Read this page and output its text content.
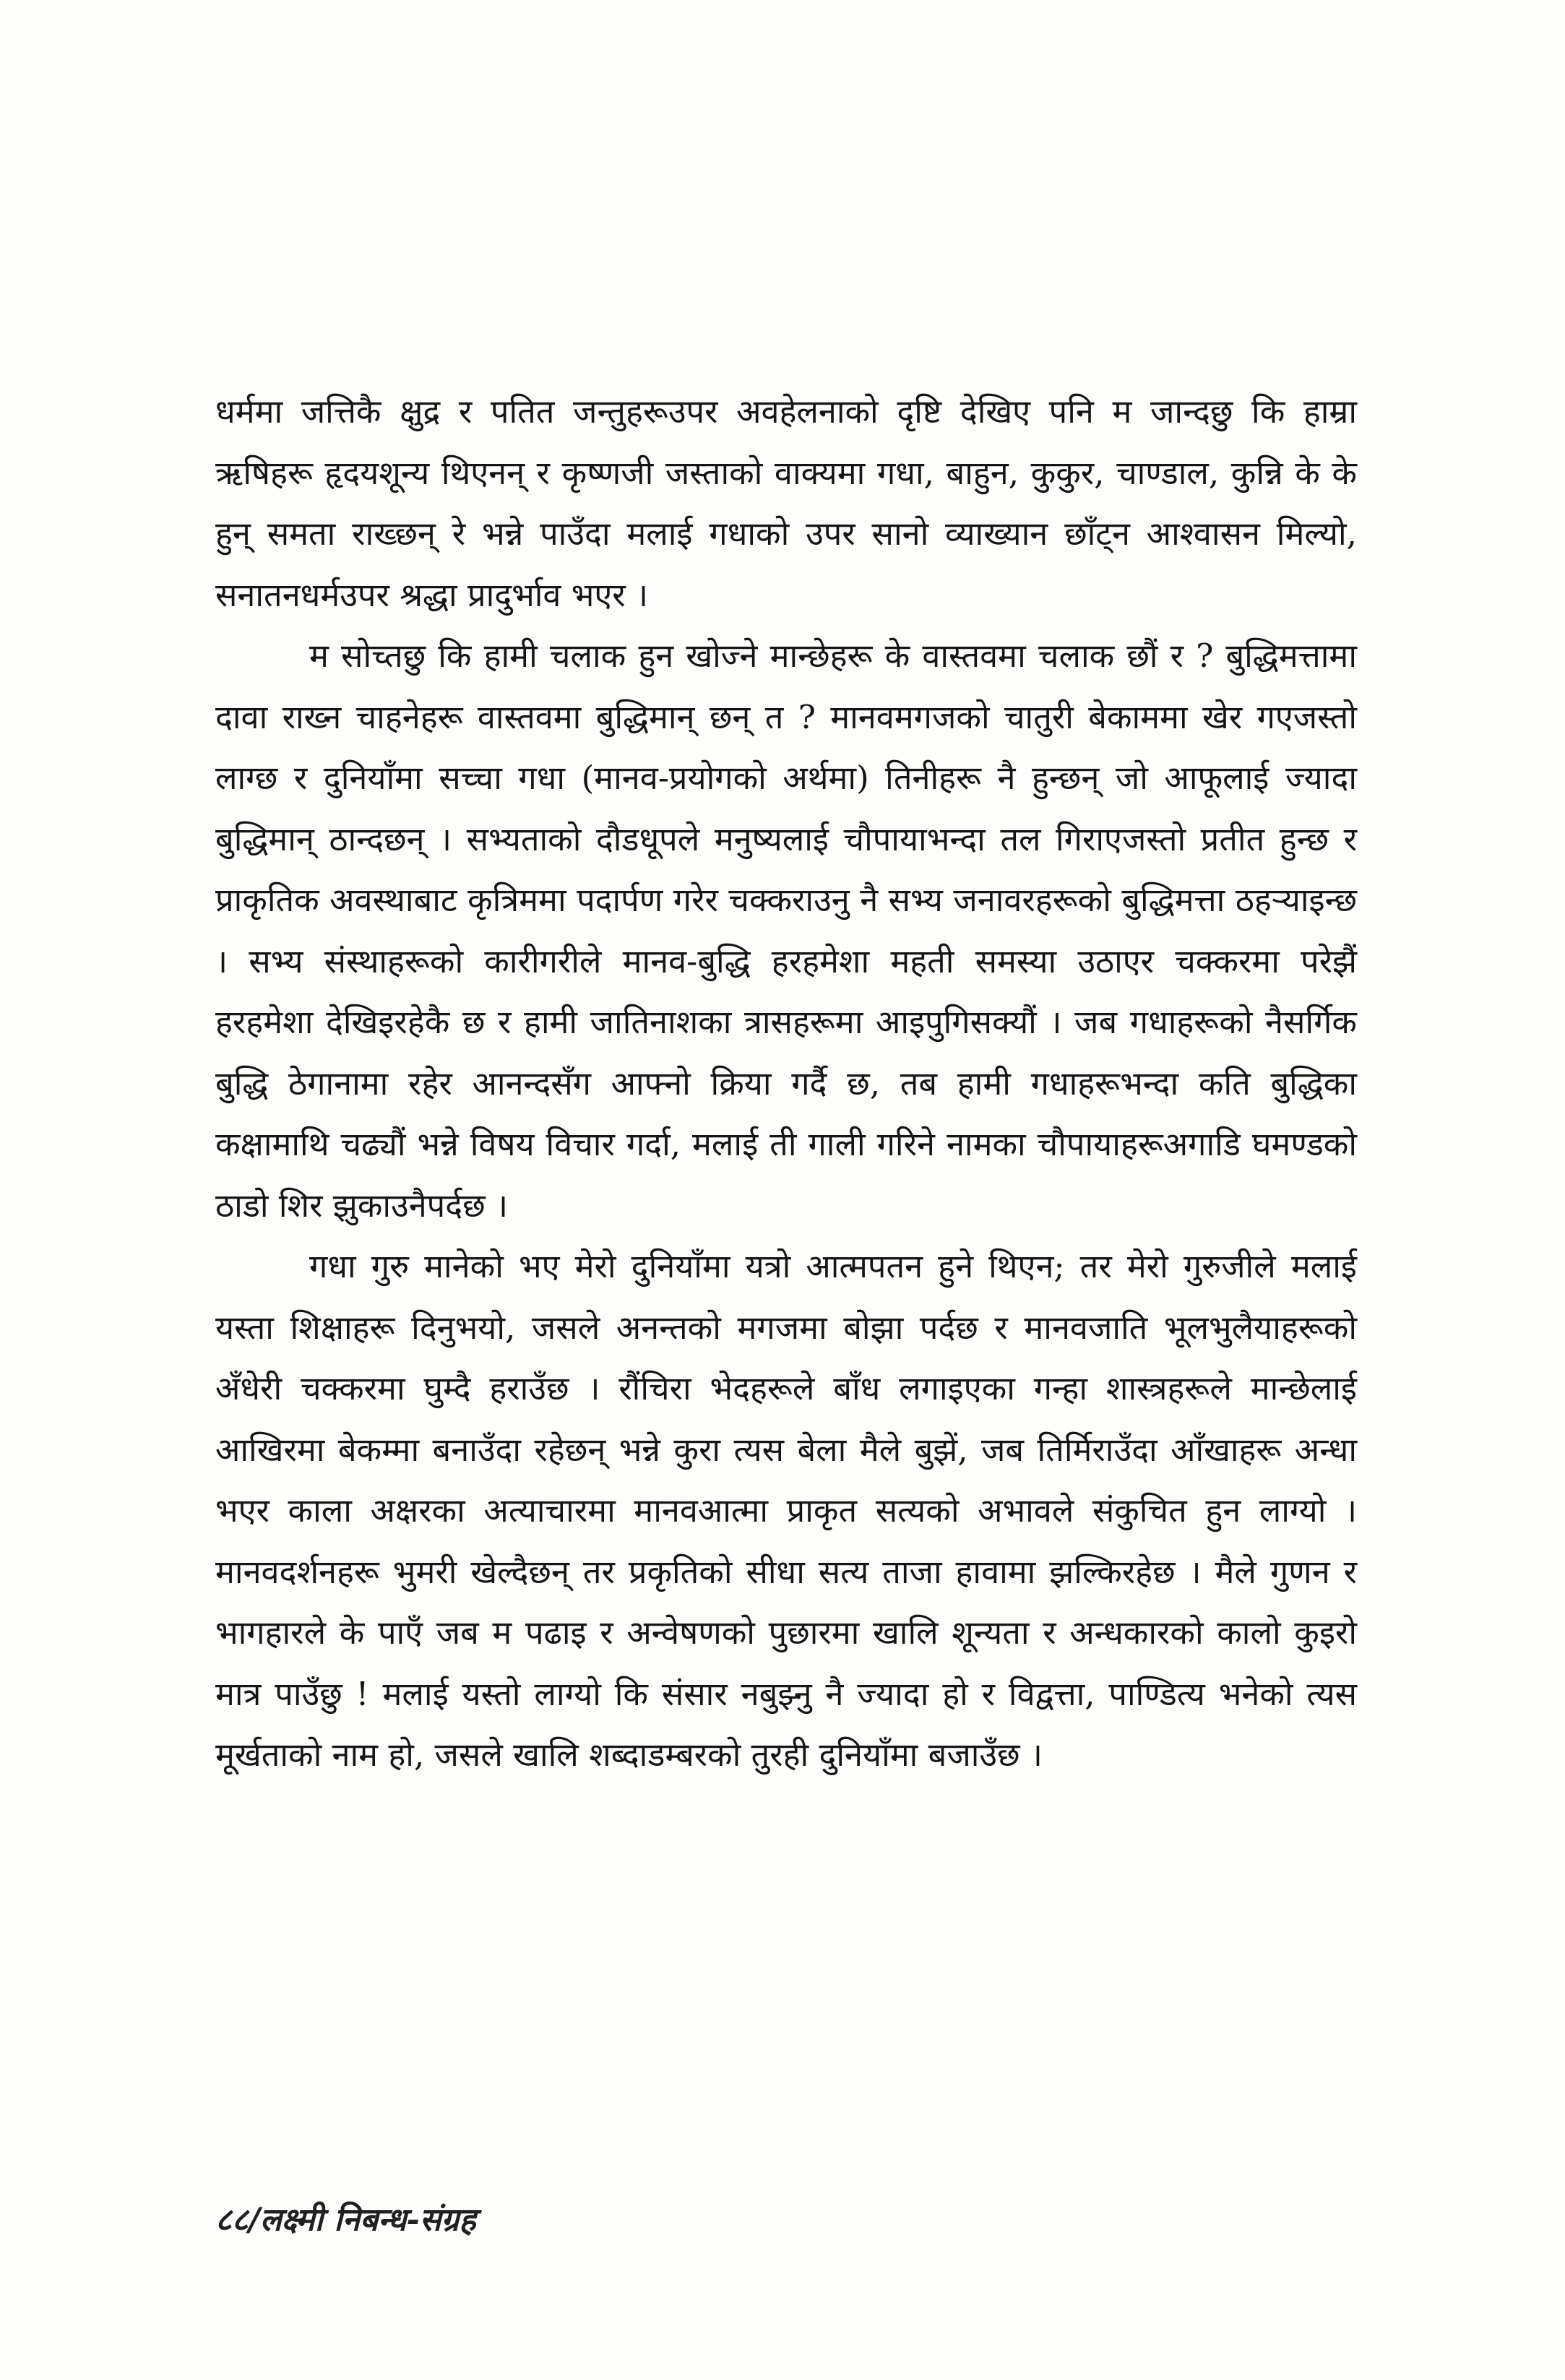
धर्ममा जत्तिकै क्षुद्र र पतित जन्तुहरूउपर अवहेलनाको दृष्टि देखिए पनि म जान्दछु कि हाम्रा ऋषिहरू हृदयशून्य थिएनन् र कृष्णजी जस्ताको वाक्यमा गधा, बाहुन, कुकुर, चाण्डाल, कुन्नि के के हुन् समता राख्छन् रे भन्ने पाउँदा मलाई गधाको उपर सानो व्याख्यान छाँट्न आश्वासन मिल्यो, सनातनधर्मउपर श्रद्धा प्रादुर्भाव भएर ।

म सोच्तछु कि हामी चलाक हुन खोज्ने मान्छेहरू के वास्तवमा चलाक छौं र ? बुद्धिमत्तामा दावा राख्न चाहनेहरू वास्तवमा बुद्धिमान् छन् त ? मानवमगजको चातुरी बेकाममा खेर गएजस्तो लाग्छ र दुनियाँमा सच्चा गधा (मानव-प्रयोगको अर्थमा) तिनीहरू नै हुन्छन् जो आफूलाई ज्यादा बुद्धिमान् ठान्दछन् । सभ्यताको दौडधूपले मनुष्यलाई चौपायाभन्दा तल गिराएजस्तो प्रतीत हुन्छ र प्राकृतिक अवस्थाबाट कृत्रिममा पदार्पण गरेर चक्कराउनु नै सभ्य जनावरहरूको बुद्धिमत्ता ठहऱ्याइन्छ । सभ्य संस्थाहरूको कारीगरीले मानव-बुद्धि हरहमेशा महती समस्या उठाएर चक्करमा परेझैं हरहमेशा देखिइरहेकै छ र हामी जातिनाशका त्रासहरूमा आइपुगिसक्यौं । जब गधाहरूको नैसर्गिक बुद्धि ठेगानामा रहेर आनन्दसँग आफ्नो क्रिया गर्दै छ, तब हामी गधाहरूभन्दा कति बुद्धिका कक्षामाथि चढ्यौं भन्ने विषय विचार गर्दा, मलाई ती गाली गरिने नामका चौपायाहरूअगाडि घमण्डको ठाडो शिर झुकाउनैपर्दछ ।

गधा गुरु मानेको भए मेरो दुनियाँमा यत्रो आत्मपतन हुने थिएन; तर मेरो गुरुजीले मलाई यस्ता शिक्षाहरू दिनुभयो, जसले अनन्तको मगजमा बोझा पर्दछ र मानवजाति भूलभुलैयाहरूको अँधेरी चक्करमा घुम्दै हराउँछ । रौंचिरा भेदहरूले बाँध लगाइएका गन्हा शास्त्रहरूले मान्छेलाई आखिरमा बेकम्मा बनाउँदा रहेछन् भन्ने कुरा त्यस बेला मैले बुझें, जब तिर्मिराउँदा आँखाहरू अन्धा भएर काला अक्षरका अत्याचारमा मानवआत्मा प्राकृत सत्यको अभावले संकुचित हुन लाग्यो । मानवदर्शनहरू भुमरी खेल्दैछन् तर प्रकृतिको सीधा सत्य ताजा हावामा झल्किरहेछ । मैले गुणन र भागहारले के पाएँ जब म पढाइ र अन्वेषणको पुछारमा खालि शून्यता र अन्धकारको कालो कुइरो मात्र पाउँछु ! मलाई यस्तो लाग्यो कि संसार नबुझ्नु नै ज्यादा हो र विद्वत्ता, पाण्डित्य भनेको त्यस मूर्खताको नाम हो, जसले खालि शब्दाडम्बरको तुरही दुनियाँमा बजाउँछ ।

८८/लक्ष्मी निबन्ध-संग्रह
